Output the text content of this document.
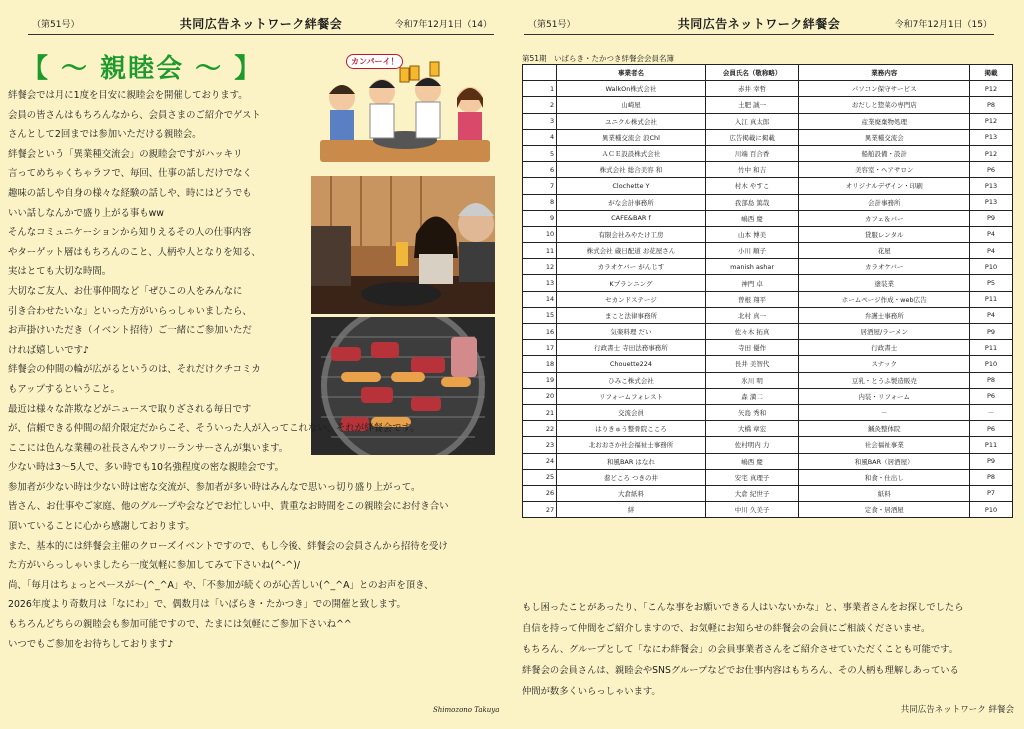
（第51号）	共同広告ネットワーク絆餐会	令和7年12月1日（14）
【 ～ 親睦会 ～ 】	カンパーイ！
絆餐会では月に1度を目安に親睦会を開催しております。
会員の皆さんはもちろんなから、会員さまのご紹介でゲスト
さんとして2回までは参加いただける親睦会。
絆餐会という「異業種交流会」の親睦会ですがハッキリ
言ってめちゃくちゃラフで、毎回、仕事の話しだけでなく
趣味の話しや自身の様々な経験の話しや、時にはどうでも
いい話しなんかで盛り上がる事もww
そんなコミュニケーションから知りえるその人の仕事内容
やターゲット層はもちろんのこと、人柄や人となりを知る、
実はとても大切な時間。
大切なご友人、お仕事仲間など「ぜひこの人をみんなに
引き合わせたいな」といった方がいらっしゃいましたら、
お声掛けいただき（イベント招待）ご一緒にご参加いただ
ければ嬉しいです♪
絆餐会の仲間の輪が広がるというのは、それだけクチコミカ
もアップするということ。
最近は様々な詐欺などがニュースで取りざされる毎日です
が、信頼できる仲間の紹介限定だからこそ、そういった人が入ってこれない、それが絆餐会です。
ここには色んな業種の社長さんやフリーランサーさんが集います。
少ない時は3～5人で、多い時でも10名強程度の密な親睦会です。
参加者が少ない時は少ない時は密な交流が、参加者が多い時はみんなで思いっ切り盛り上がって。
皆さん、お仕事やご家庭、他のグループや会などでお忙しい中、貴重なお時間をこの親睦会にお付き合い
頂いていることに心から感謝しております。
また、基本的には絆餐会主催のクローズイベントですので、もし今後、絆餐会の会員さんから招待を受け
た方がいらっしゃいましたら一度気軽に参加してみて下さいね(^-^)/
尚、「毎月はちょっとペースが～(^_^A」や、「不参加が続くのが心苦しい(^_^A」とのお声を頂き、
2026年度より奇数月は「なにわ」で、偶数月は「いばらき・たかつき」での開催と致します。
もちろんどちらの親睦会も参加可能ですので、たまには気軽にご参加下さいね^^
いつでもご参加をお待ちしております♪
Shimozono Takuya
（第51号）	共同広告ネットワーク絆餐会	令和7年12月1日（15）
第51期　いばらき・たかつき絆餐会会員名簿
	事業者名	会員氏名（敬称略）	業務内容	掲載
1	WalkOn株式会社	赤井 幸哲	パソコン保守サービス	P12
2	山崎屋	土肥 誠一	おだしと惣菜の専門店	P8
3	ユニクル株式会社	入江 真太郎	産業廃棄物処理	P12
4	異業種交流会 浪Chl	広告掲載に掲載	異業種交流会	P13
5	ＡＣＥ設設株式会社	川端 百合香	船舶設備・設計	P12
6	株式会社 総合美容 和	竹中 和吉	美容室・ヘアサロン	P6
7	Clochette Y	村木 やすこ	オリジナルデザイン・印刷	P13
8	がな会計事務所	我部島 篤哉	会計事務所	P13
9	CAFE&BAR f	嶋西 慶	カフェ＆バー	P9
10	有限会社みやたけ工房	山本 博美	貸服レンタル	P4
11	株式会社 蔵日配道 お花屋さん	小川 順子	花屋	P4
12	カラオケバー がんじす	manish ashar	カラオケバー	P10
13	Kプランニング	神門 卓	塗装業	P5
14	セカンドステージ	曽根 翔平	ホームページ作成・web広告	P11
15	まこと法律事務所	北村 真一	弁護士事務所	P4
16	気楽料理 だい	佐々木 拓真	居酒屋/ラーメン	P9
17	行政書士 寺田法務事務所	寺田 優作	行政書士	P11
18	Chouette224	長井 美智代	スナック	P10
19	ひみこ株式会社	氷川 明	豆乳・とうふ製造販売	P8
20	リフォームフォレスト	森 満二	内装・リフォーム	P6
21	交流会員	矢島 秀和	－	－
22	はりきゅう整骨院こころ	大橋 章宏	鍼灸整体院	P6
23	北おおさか社会福祉士事務所	佐村明内 力	社会福祉事業	P11
24	和風BAR はなれ	嶋西 慶	和風BAR（居酒屋）	P9
25	蕎どころ つきの井	安宅 真理子	和食・仕出し	P8
26	大倉紙料	大倉 紀世子	紙料	P7
27	絆	中川 久美子	定食・居酒屋	P10
もし困ったことがあったり、「こんな事をお願いできる人はいないかな」と、事業者さんをお探しでしたら
自信を持って仲間をご紹介しますので、お気軽にお知らせの絆餐会の会員にご相談くださいませ。
もちろん、グループとして「なにわ絆餐会」の会員事業者さんをご紹介させていただくことも可能です。
絆餐会の会員さんは、親睦会やSNSグループなどでお仕事内容はもちろん、その人柄も理解しあっている
仲間が数多くいらっしゃいます。
共同広告ネットワーク 絆餐会
